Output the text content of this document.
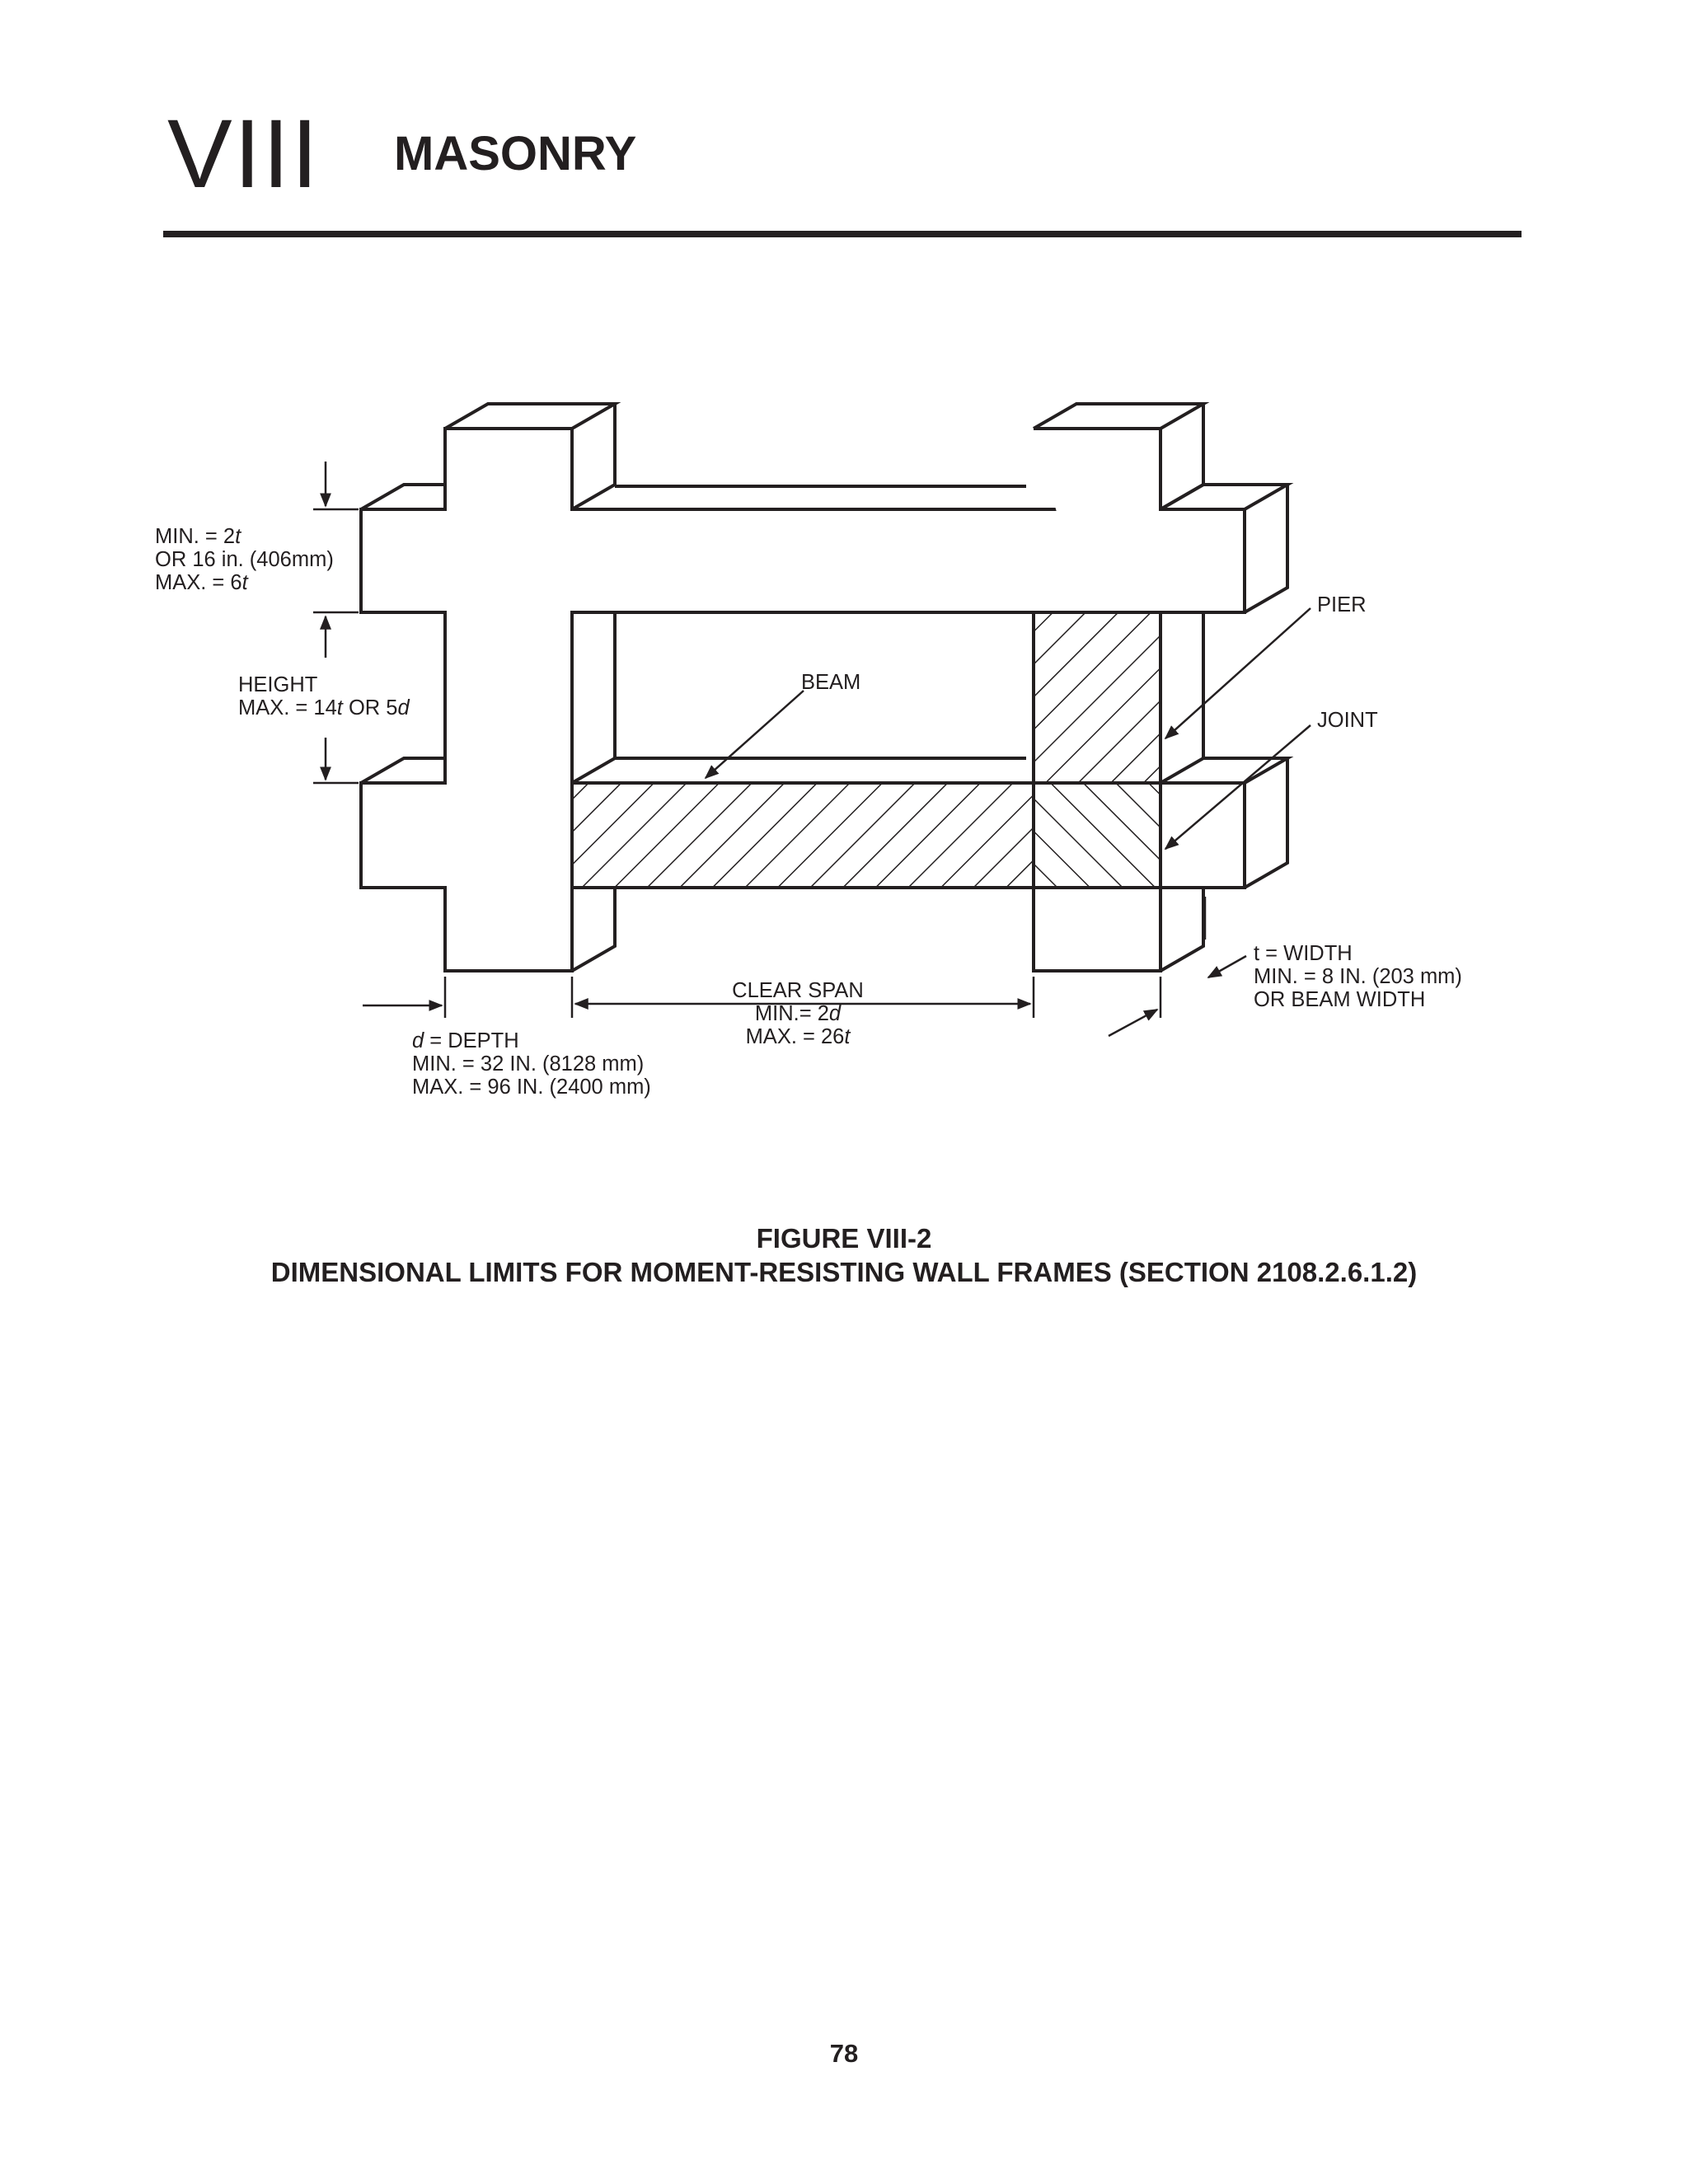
VIII MASONRY
MIN. = 2t
OR 16 in. (406mm)
MAX. = 6t
HEIGHT
MAX. = 14t OR 5d
BEAM
PIER
JOINT
t = WIDTH
MIN. = 8 IN. (203 mm)
OR BEAM WIDTH
CLEAR SPAN
MIN.= 2d
MAX. = 26t
d = DEPTH
MIN. = 32 IN. (8128 mm)
MAX. = 96 IN. (2400 mm)
FIGURE VIII-2
DIMENSIONAL LIMITS FOR MOMENT-RESISTING WALL FRAMES (SECTION 2108.2.6.1.2)
78
